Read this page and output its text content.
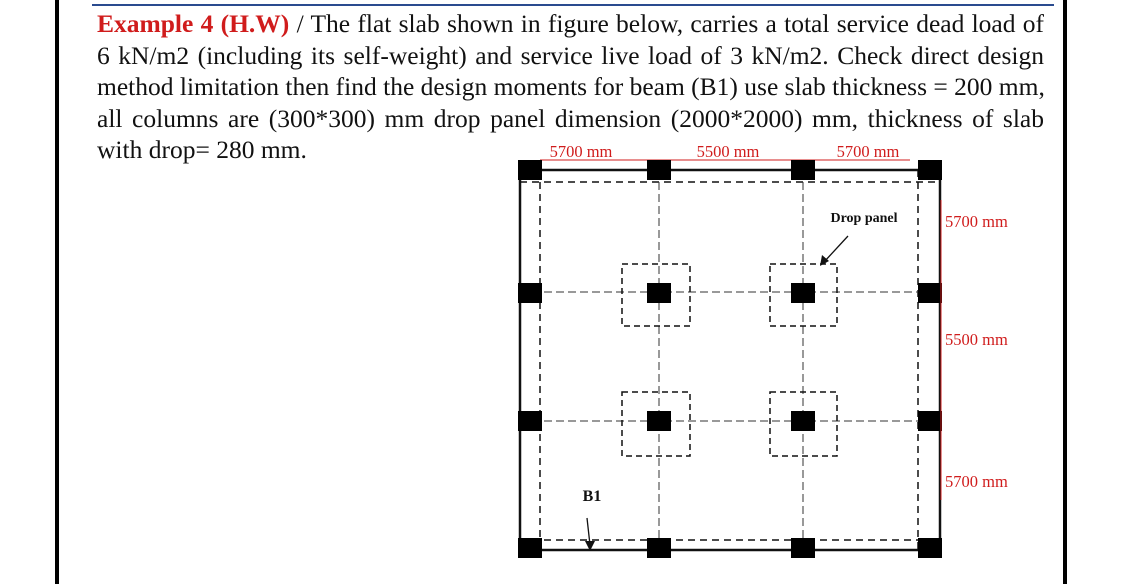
Example 4 (H.W) / The flat slab shown in figure below, carries a total service dead load of
6 kN/m2 (including its self-weight) and service live load of 3 kN/m2. Check direct design
method limitation then find the design moments for beam (B1) use slab thickness = 200 mm,
all columns are (300*300) mm drop panel dimension (2000*2000) mm, thickness of slab
with drop= 280 mm.	5700 mm	5500 mm	5700 mm
Drop panel
B1
5700 mm
5500 mm
5700 mm
